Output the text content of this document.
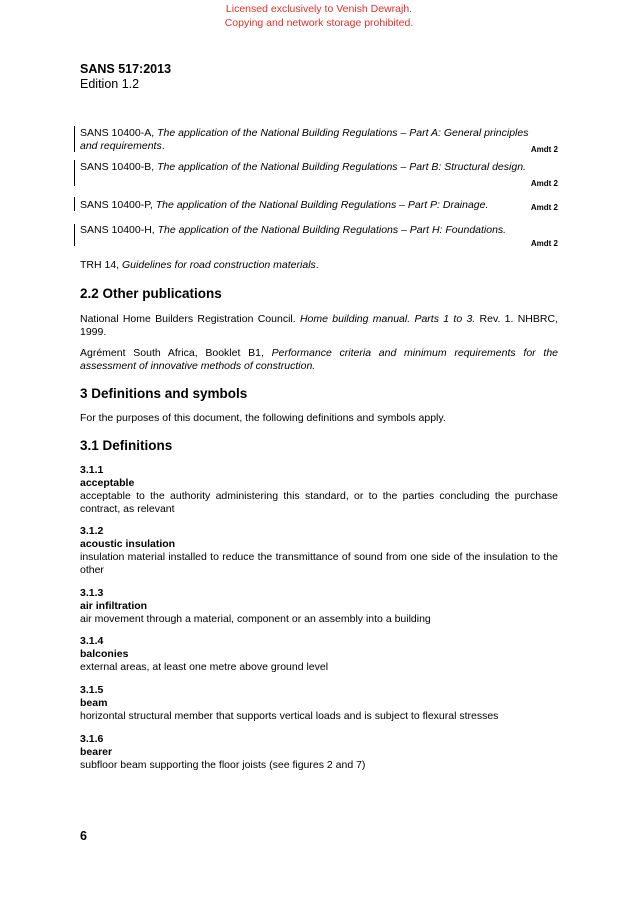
Licensed exclusively to Venish Dewrajh.
Copying and network storage prohibited.
SANS 517:2013
Edition 1.2
SANS 10400-A, The application of the National Building Regulations – Part A: General principles
and requirements.	Amdt 2
SANS 10400-B, The application of the National Building Regulations – Part B: Structural design.
Amdt 2
SANS 10400-P, The application of the National Building Regulations – Part P: Drainage.	Amdt 2
SANS 10400-H, The application of the National Building Regulations – Part H: Foundations.
Amdt 2
TRH 14, Guidelines for road construction materials.
2.2 Other publications
National Home Builders Registration Council. Home building manual. Parts 1 to 3. Rev. 1. NHBRC, 1999.
Agrément South Africa, Booklet B1, Performance criteria and minimum requirements for the assessment of innovative methods of construction.
3 Definitions and symbols
For the purposes of this document, the following definitions and symbols apply.
3.1 Definitions
3.1.1
acceptable
acceptable to the authority administering this standard, or to the parties concluding the purchase contract, as relevant
3.1.2
acoustic insulation
insulation material installed to reduce the transmittance of sound from one side of the insulation to the other
3.1.3
air infiltration
air movement through a material, component or an assembly into a building
3.1.4
balconies
external areas, at least one metre above ground level
3.1.5
beam
horizontal structural member that supports vertical loads and is subject to flexural stresses
3.1.6
bearer
subfloor beam supporting the floor joists (see figures 2 and 7)
6
